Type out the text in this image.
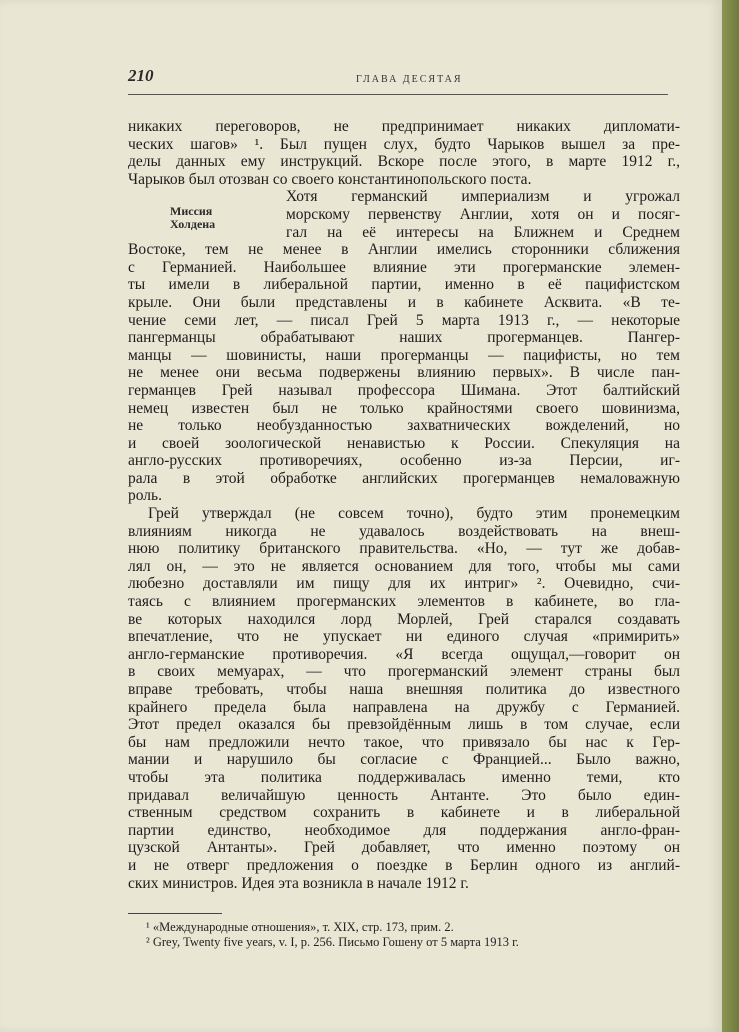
210	ГЛАВА ДЕСЯТАЯ
Миссия
Холдена
никаких переговоров, не предпринимает никаких дипломати-
ческих шагов» ¹. Был пущен слух, будто Чарыков вышел за пре-
делы данных ему инструкций. Вскоре после этого, в марте 1912 г.,
Чарыков был отозван со своего константинопольского поста.
Хотя германский империализм и угрожал
морскому первенству Англии, хотя он и посяг-
гал на её интересы на Ближнем и Среднем
Востоке, тем не менее в Англии имелись сторонники сближения
с Германией. Наибольшее влияние эти прогерманские элемен-
ты имели в либеральной партии, именно в её пацифистском
крыле. Они были представлены и в кабинете Асквита. «В те-
чение семи лет, — писал Грей 5 марта 1913 г., — некоторые
пангерманцы обрабатывают наших прогерманцев. Пангер-
манцы — шовинисты, наши прогерманцы — пацифисты, но тем
не менее они весьма подвержены влиянию первых». В числе пан-
германцев Грей называл профессора Шимана. Этот балтийский
немец известен был не только крайностями своего шовинизма,
не только необузданностью захватнических вожделений, но
и своей зоологической ненавистью к России. Спекуляция на
англо-русских противоречиях, особенно из-за Персии, иг-
рала в этой обработке английских прогерманцев немаловажную
роль.
Грей утверждал (не совсем точно), будто этим пронемецким
влияниям никогда не удавалось воздействовать на внеш-
нюю политику британского правительства. «Но, — тут же добав-
лял он, — это не является основанием для того, чтобы мы сами
любезно доставляли им пищу для их интриг» ². Очевидно, счи-
таясь с влиянием прогерманских элементов в кабинете, во гла-
ве которых находился лорд Морлей, Грей старался создавать
впечатление, что не упускает ни единого случая «примирить»
англо-германские противоречия. «Я всегда ощущал,—говорит он
в своих мемуарах, — что прогерманский элемент страны был
вправе требовать, чтобы наша внешняя политика до известного
крайнего предела была направлена на дружбу с Германией.
Этот предел оказался бы превзойдённым лишь в том случае, если
бы нам предложили нечто такое, что привязало бы нас к Гер-
мании и нарушило бы согласие с Францией... Было важно,
чтобы эта политика поддерживалась именно теми, кто
придавал величайшую ценность Антанте. Это было един-
ственным средством сохранить в кабинете и в либеральной
партии единство, необходимое для поддержания англо-фран-
цузской Антанты». Грей добавляет, что именно поэтому он
и не отверг предложения о поездке в Берлин одного из англий-
ских министров. Идея эта возникла в начале 1912 г.
¹ «Международные отношения», т. XIX, стр. 173, прим. 2.
² Grey, Twenty five years, v. I, p. 256. Письмо Гошену от 5 марта 1913 г.
